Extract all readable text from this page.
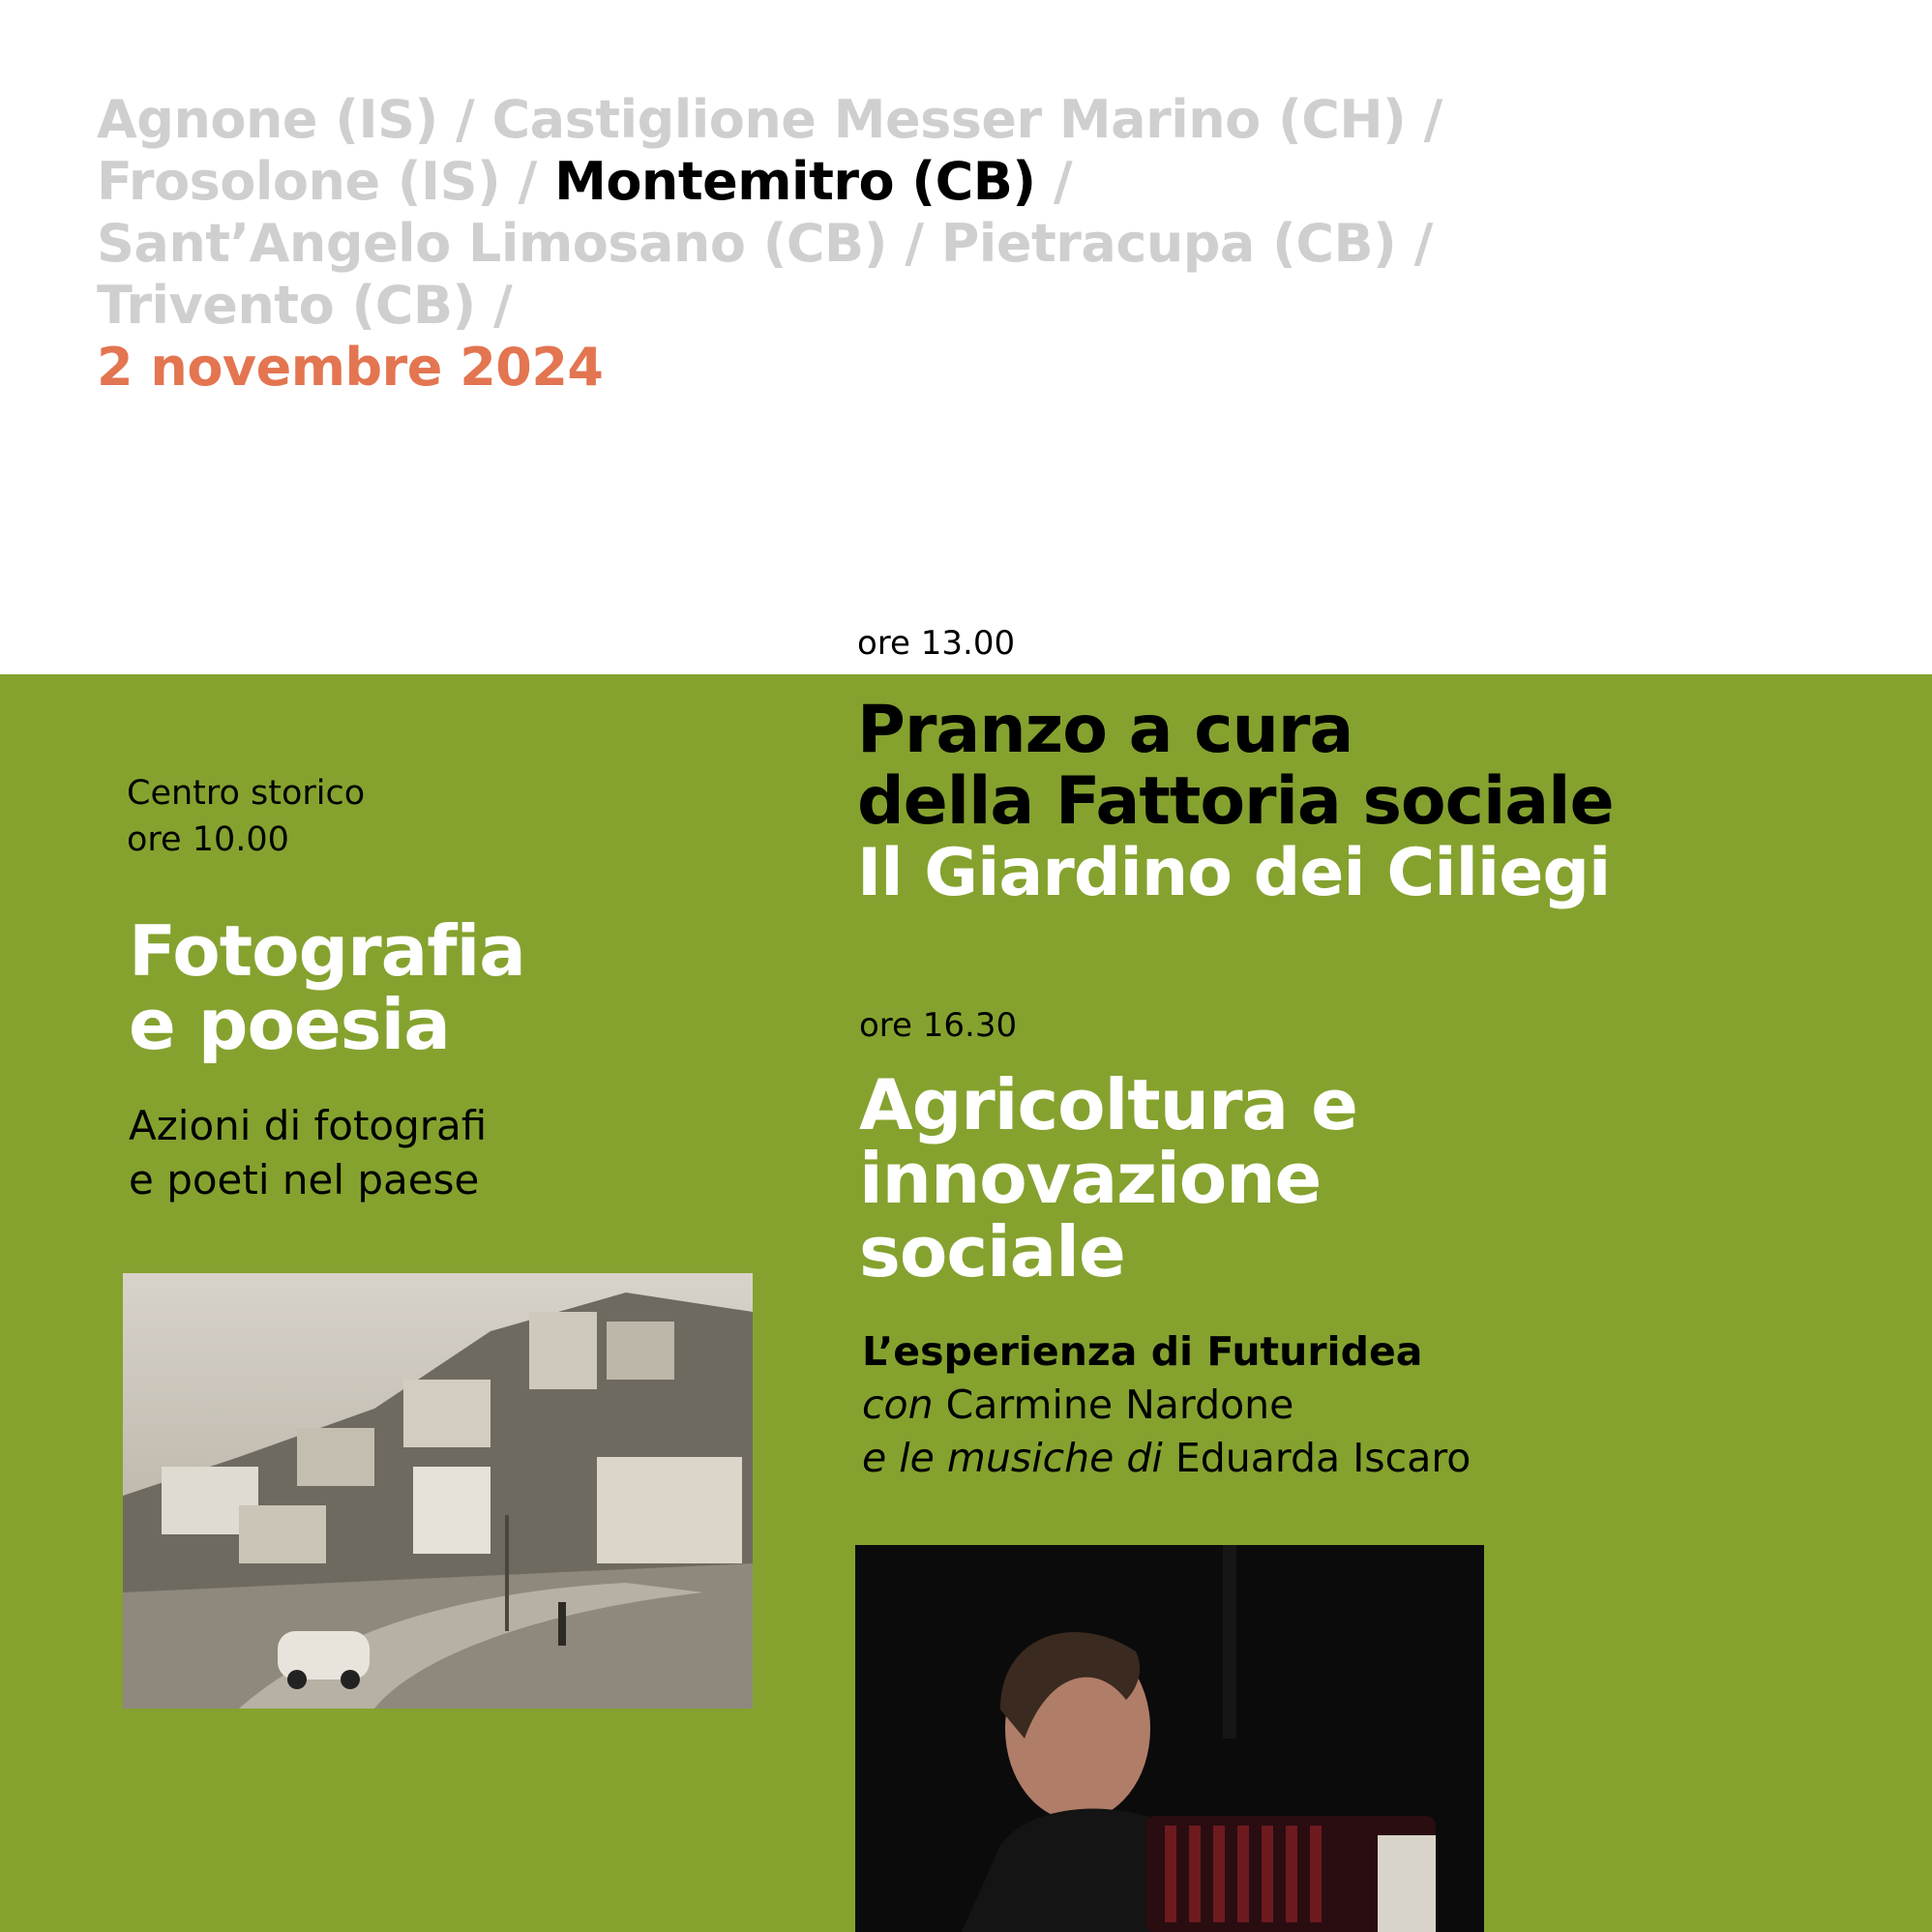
Agnone (IS) / Castiglione Messer Marino (CH) /
Frosolone (IS) / Montemitro (CB) /
Sant’Angelo Limosano (CB) / Pietracupa (CB) /
Trivento (CB) /
2 novembre 2024
ore 13.00
Centro storico
ore 10.00
Fotografia
e poesia
Azioni di fotografi
e poeti nel paese
Pranzo a cura
della Fattoria sociale
Il Giardino dei Ciliegi
ore 16.30
Agricoltura e
innovazione
sociale
L’esperienza di Futuridea
con Carmine Nardone
e le musiche di Eduarda Iscaro
